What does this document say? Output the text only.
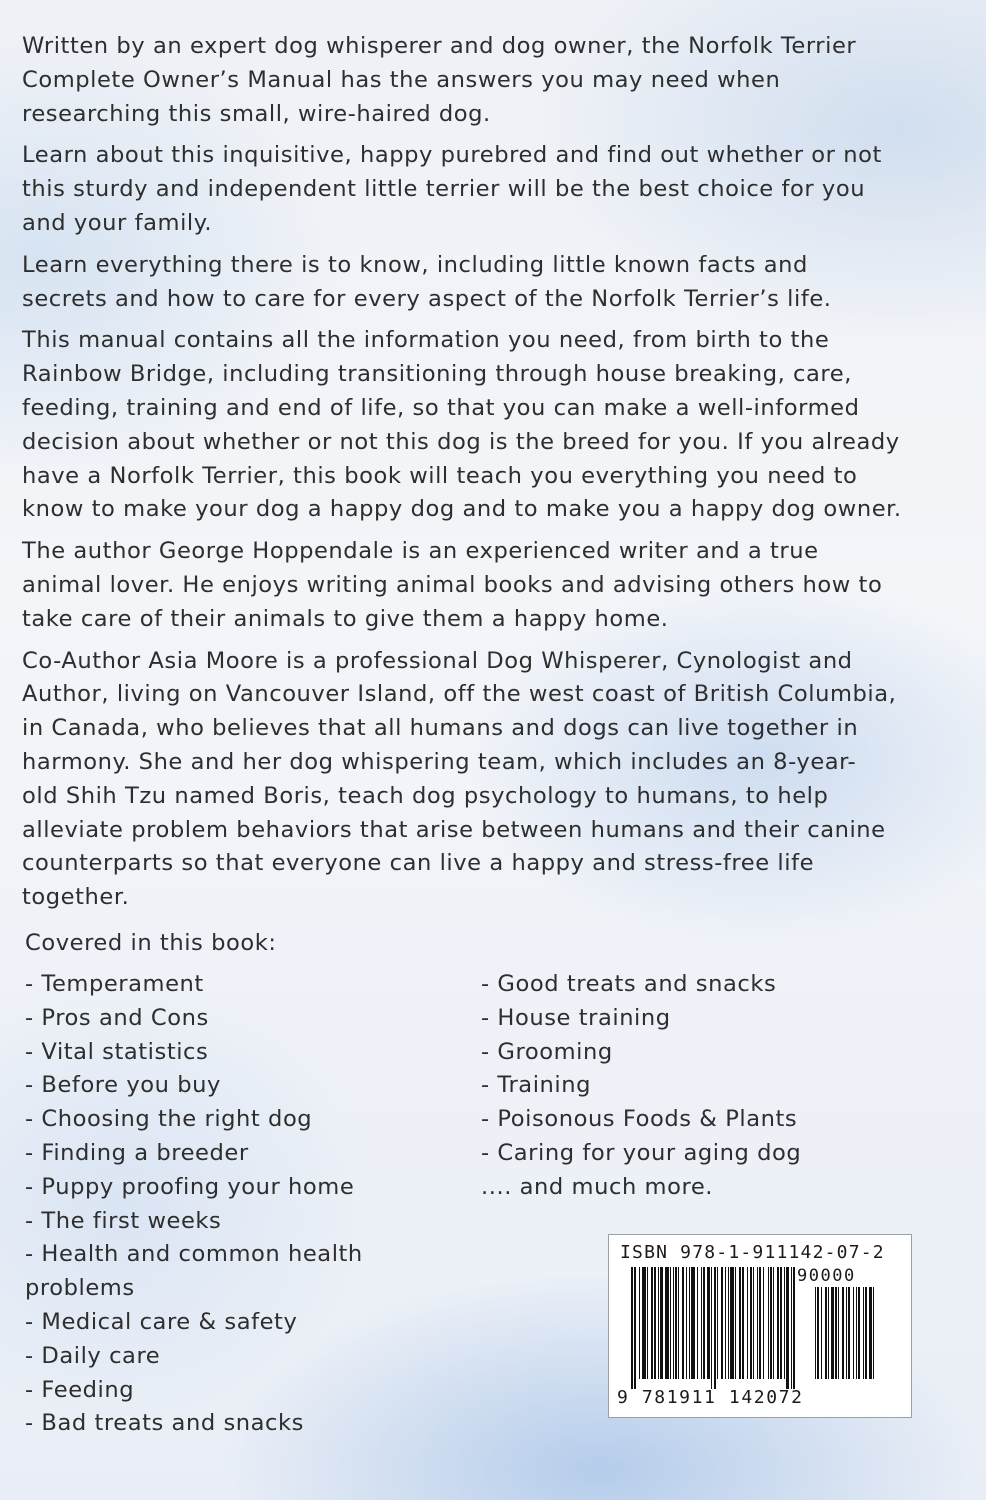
Written by an expert dog whisperer and dog owner, the Norfolk Terrier
Complete Owner’s Manual has the answers you may need when
researching this small, wire-haired dog.

Learn about this inquisitive, happy purebred and find out whether or not
this sturdy and independent little terrier will be the best choice for you
and your family.

Learn everything there is to know, including little known facts and
secrets and how to care for every aspect of the Norfolk Terrier’s life.

This manual contains all the information you need, from birth to the
Rainbow Bridge, including transitioning through house breaking, care,
feeding, training and end of life, so that you can make a well-informed
decision about whether or not this dog is the breed for you. If you already
have a Norfolk Terrier, this book will teach you everything you need to
know to make your dog a happy dog and to make you a happy dog owner.

The author George Hoppendale is an experienced writer and a true
animal lover. He enjoys writing animal books and advising others how to
take care of their animals to give them a happy home.

Co-Author Asia Moore is a professional Dog Whisperer, Cynologist and
Author, living on Vancouver Island, off the west coast of British Columbia,
in Canada, who believes that all humans and dogs can live together in
harmony. She and her dog whispering team, which includes an 8-year-
old Shih Tzu named Boris, teach dog psychology to humans, to help
alleviate problem behaviors that arise between humans and their canine
counterparts so that everyone can live a happy and stress-free life
together.

Covered in this book:
- Temperament
- Pros and Cons
- Vital statistics
- Before you buy
- Choosing the right dog
- Finding a breeder
- Puppy proofing your home
- The first weeks
- Health and common health
problems
- Medical care & safety
- Daily care
- Feeding
- Bad treats and snacks
- Good treats and snacks
- House training
- Grooming
- Training
- Poisonous Foods & Plants
- Caring for your aging dog
.... and much more.
ISBN 978-1-911142-07-2
90000
9 781911 142072
